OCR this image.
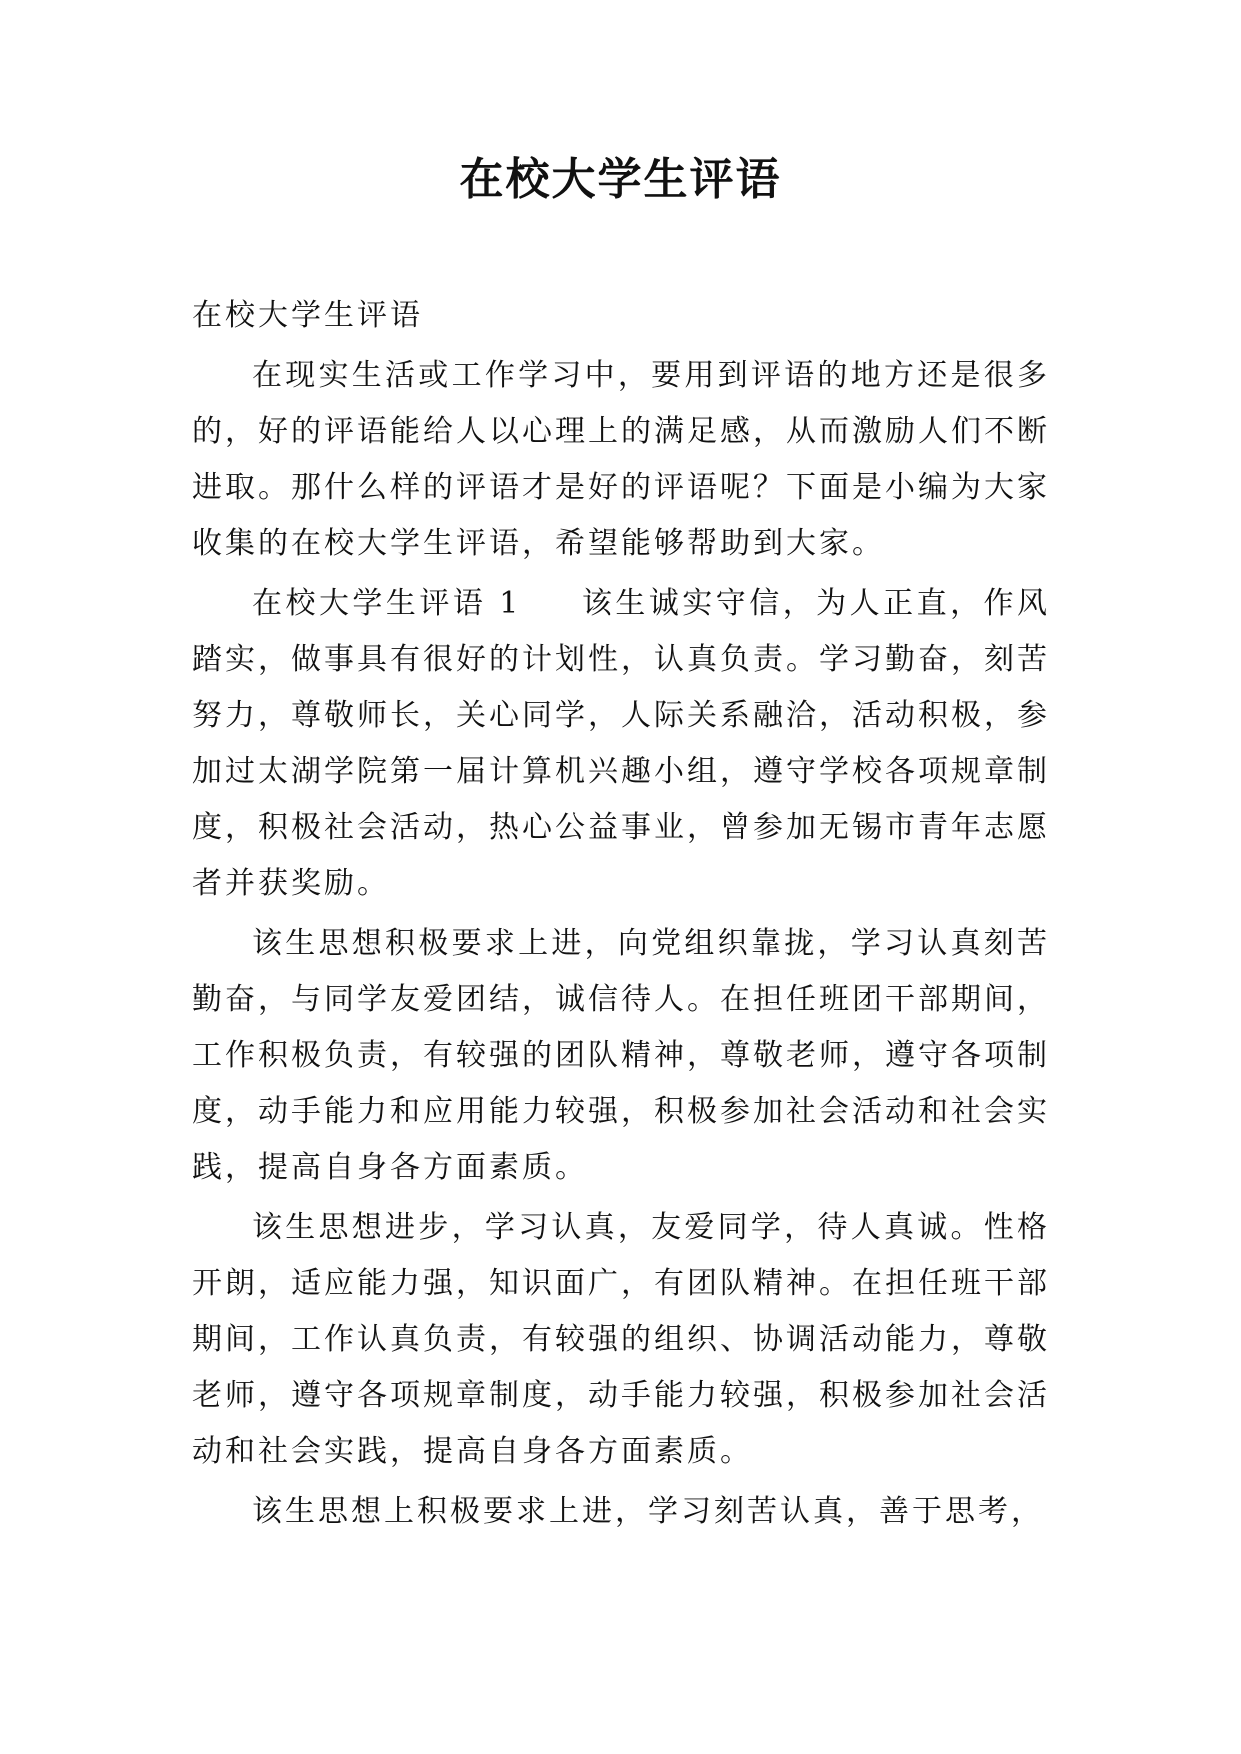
在校大学生评语

在校大学生评语

在现实生活或工作学习中，要用到评语的地方还是很多的，好的评语能给人以心理上的满足感，从而激励人们不断进取。那什么样的评语才是好的评语呢？下面是小编为大家收集的在校大学生评语，希望能够帮助到大家。

在校大学生评语 1 该生诚实守信，为人正直，作风踏实，做事具有很好的计划性，认真负责。学习勤奋，刻苦努力，尊敬师长，关心同学，人际关系融洽，活动积极，参加过太湖学院第一届计算机兴趣小组，遵守学校各项规章制度，积极社会活动，热心公益事业，曾参加无锡市青年志愿者并获奖励。

该生思想积极要求上进，向党组织靠拢，学习认真刻苦勤奋，与同学友爱团结，诚信待人。在担任班团干部期间，工作积极负责，有较强的团队精神，尊敬老师，遵守各项制度，动手能力和应用能力较强，积极参加社会活动和社会实践，提高自身各方面素质。

该生思想进步，学习认真，友爱同学，待人真诚。性格开朗，适应能力强，知识面广，有团队精神。在担任班干部期间，工作认真负责，有较强的组织、协调活动能力，尊敬老师，遵守各项规章制度，动手能力较强，积极参加社会活动和社会实践，提高自身各方面素质。

该生思想上积极要求上进，学习刻苦认真，善于思考，
